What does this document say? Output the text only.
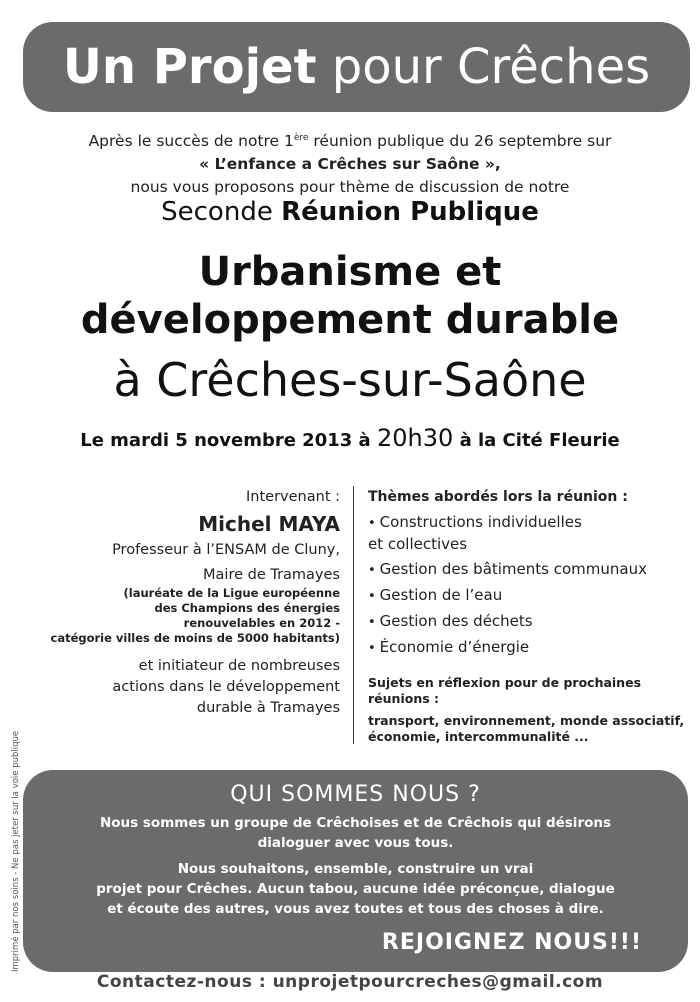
Un Projet pour Crêches
Après le succès de notre 1ère réunion publique du 26 septembre sur
« L’enfance a Crêches sur Saône »,
nous vous proposons pour thème de discussion de notre
Seconde Réunion Publique
Urbanisme et
développement durable
à Crêches-sur-Saône
Le mardi 5 novembre 2013 à 20h30 à la Cité Fleurie
Intervenant :
Michel MAYA
Professeur à l’ENSAM de Cluny,
Maire de Tramayes
(lauréate de la Ligue européenne
des Champions des énergies
renouvelables en 2012 -
catégorie villes de moins de 5000 habitants)
et initiateur de nombreuses
actions dans le développement
durable à Tramayes
Thèmes abordés lors la réunion :
• Constructions individuelles
et collectives
• Gestion des bâtiments communaux
• Gestion de l’eau
• Gestion des déchets
• Économie d’énergie
Sujets en réflexion pour de prochaines
réunions :
transport, environnement, monde associatif,
économie, intercommunalité ...
QUI SOMMES NOUS ?

Nous sommes un groupe de Crêchoises et de Crêchois qui désirons
dialoguer avec vous tous.

Nous souhaitons, ensemble, construire un vrai
projet pour Crêches. Aucun tabou, aucune idée préconçue, dialogue
et écoute des autres, vous avez toutes et tous des choses à dire.

REJOIGNEZ NOUS!!!
Contactez-nous : unprojetpourcreches@gmail.com
Imprimé par nos soins - Ne pas jeter sur la voie publique
